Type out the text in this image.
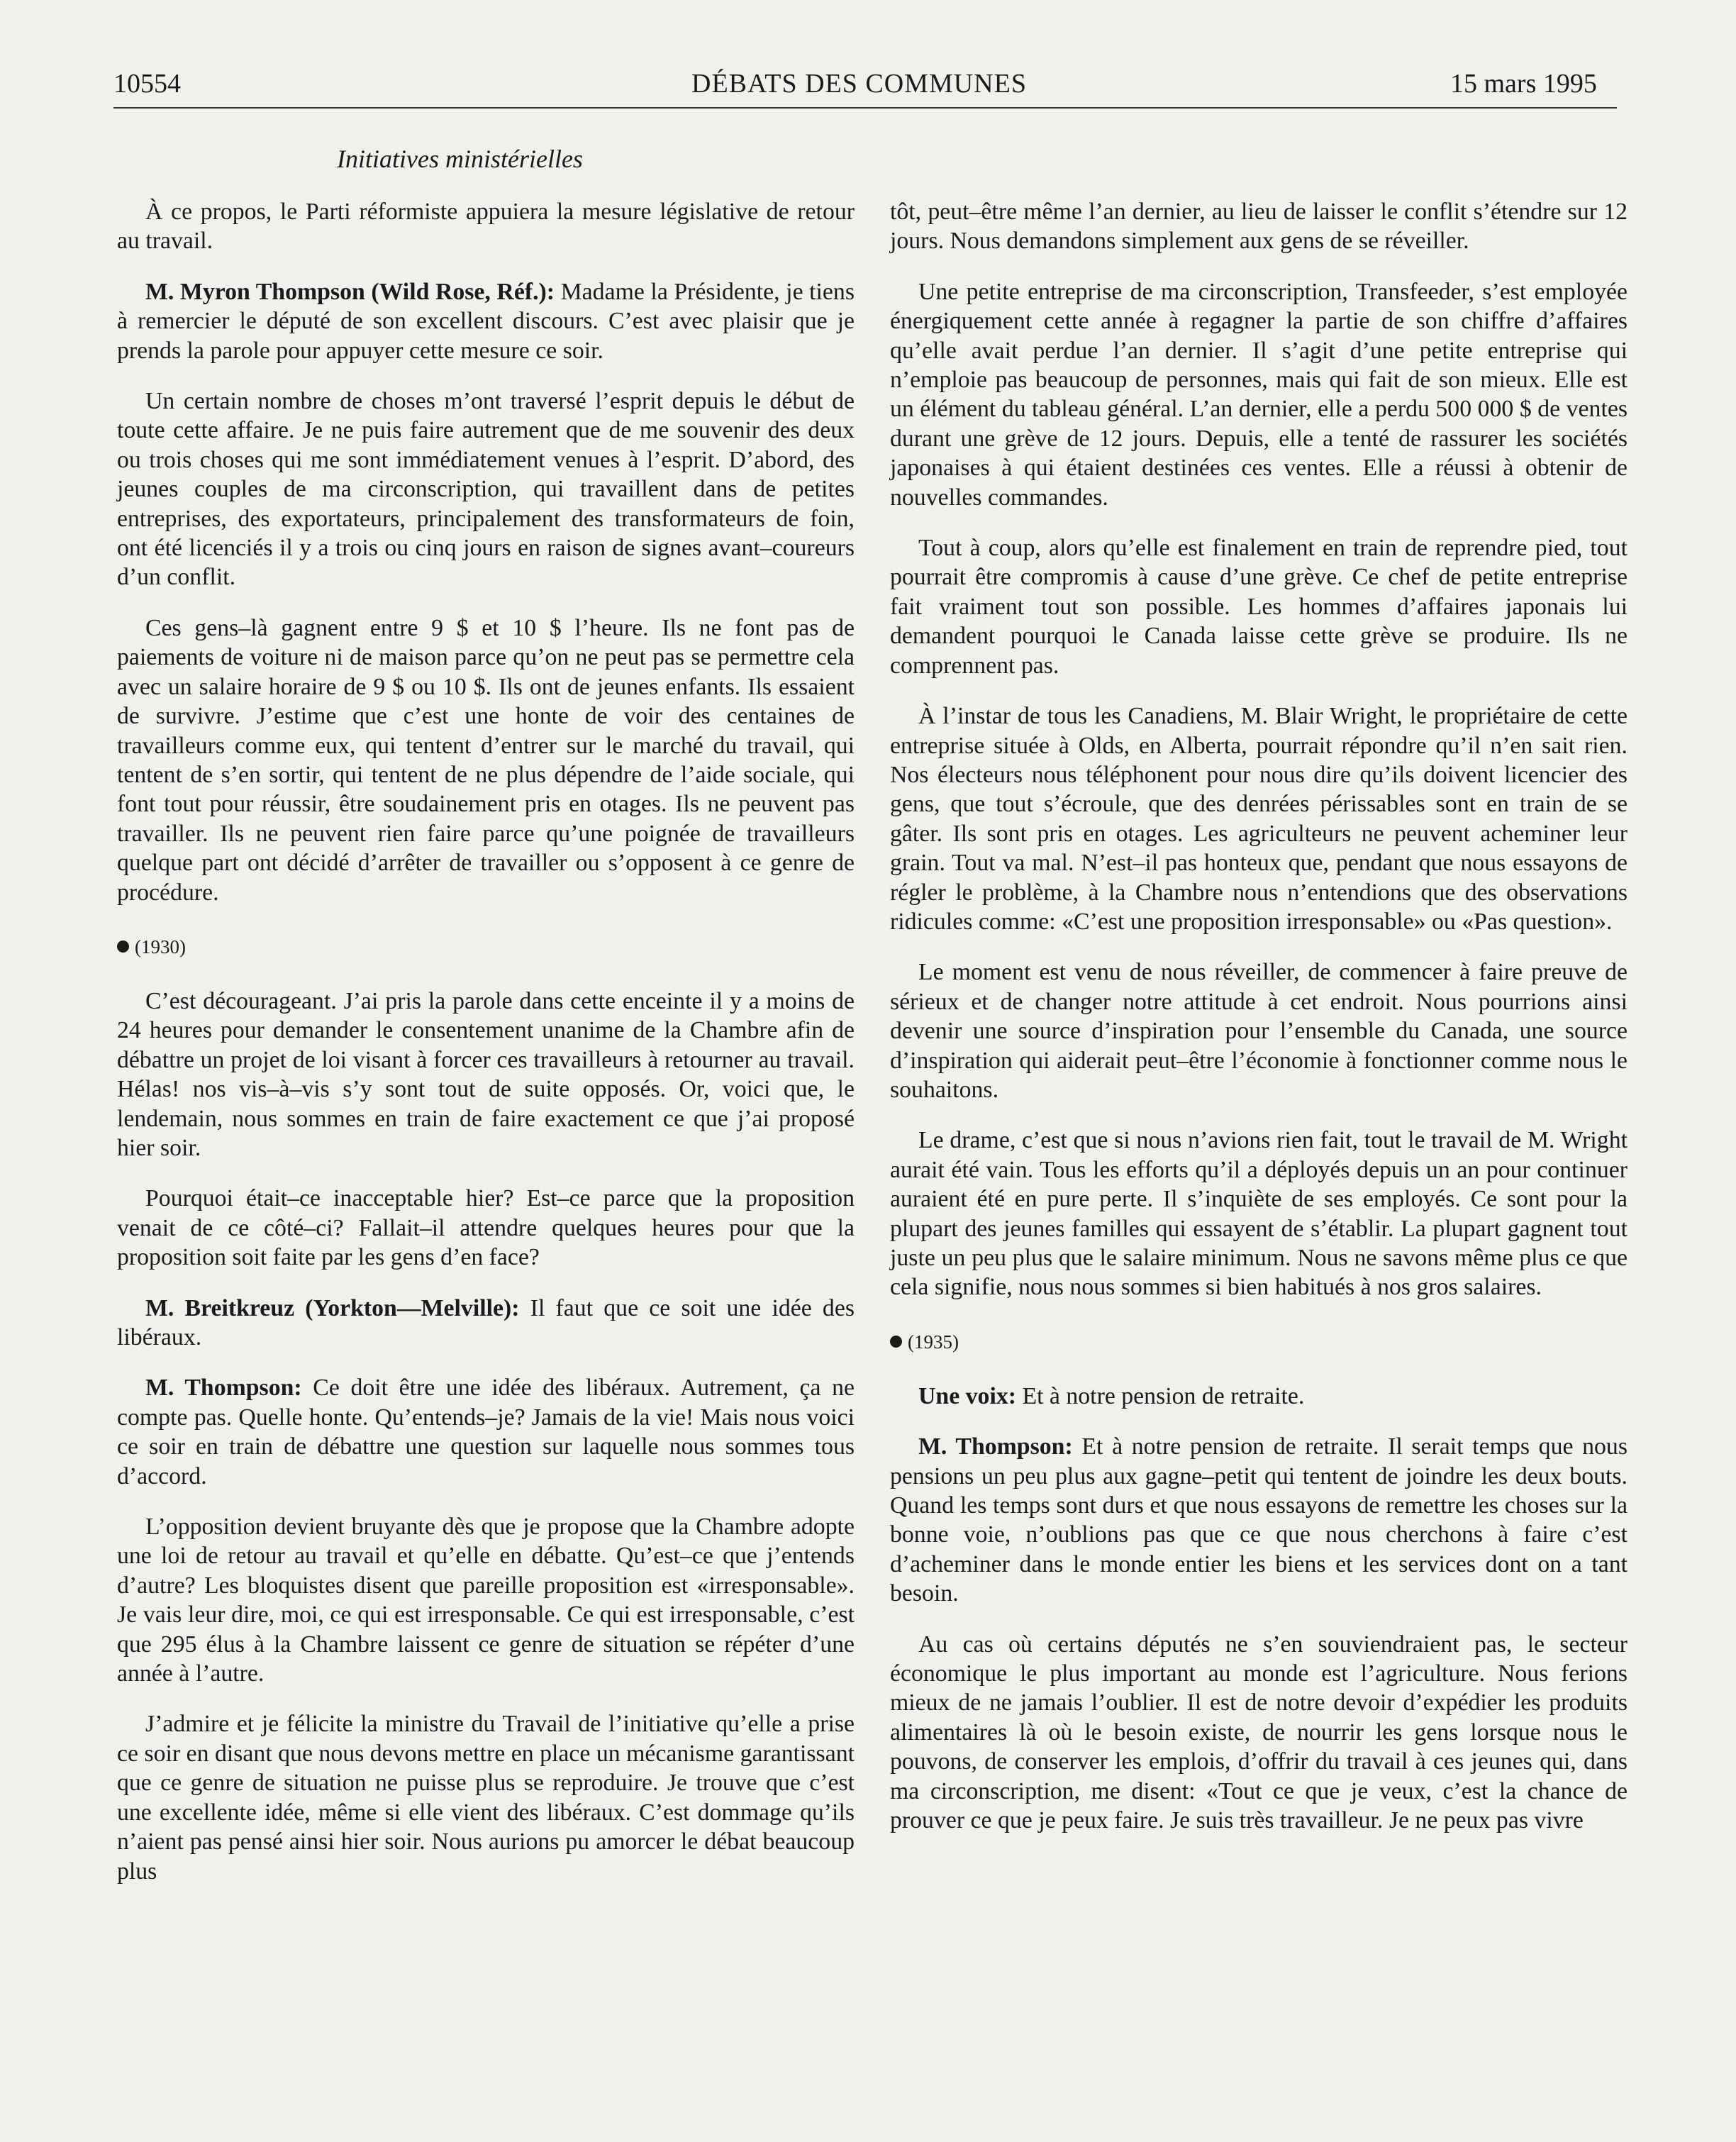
10554	DÉBATS DES COMMUNES	15 mars 1995
Initiatives ministérielles

À ce propos, le Parti réformiste appuiera la mesure législative de retour au travail.

M. Myron Thompson (Wild Rose, Réf.): Madame la Présidente, je tiens à remercier le député de son excellent discours. C’est avec plaisir que je prends la parole pour appuyer cette mesure ce soir.

Un certain nombre de choses m’ont traversé l’esprit depuis le début de toute cette affaire. Je ne puis faire autrement que de me souvenir des deux ou trois choses qui me sont immédiatement venues à l’esprit. D’abord, des jeunes couples de ma circonscription, qui travaillent dans de petites entreprises, des exportateurs, principalement des transformateurs de foin, ont été licenciés il y a trois ou cinq jours en raison de signes avant–coureurs d’un conflit.

Ces gens–là gagnent entre 9 $ et 10 $ l’heure. Ils ne font pas de paiements de voiture ni de maison parce qu’on ne peut pas se permettre cela avec un salaire horaire de 9 $ ou 10 $. Ils ont de jeunes enfants. Ils essaient de survivre. J’estime que c’est une honte de voir des centaines de travailleurs comme eux, qui tentent d’entrer sur le marché du travail, qui tentent de s’en sortir, qui tentent de ne plus dépendre de l’aide sociale, qui font tout pour réussir, être soudainement pris en otages. Ils ne peuvent pas travailler. Ils ne peuvent rien faire parce qu’une poignée de travailleurs quelque part ont décidé d’arrêter de travailler ou s’opposent à ce genre de procédure.

(1930)

C’est décourageant. J’ai pris la parole dans cette enceinte il y a moins de 24 heures pour demander le consentement unanime de la Chambre afin de débattre un projet de loi visant à forcer ces travailleurs à retourner au travail. Hélas! nos vis–à–vis s’y sont tout de suite opposés. Or, voici que, le lendemain, nous sommes en train de faire exactement ce que j’ai proposé hier soir.

Pourquoi était–ce inacceptable hier? Est–ce parce que la proposition venait de ce côté–ci? Fallait–il attendre quelques heures pour que la proposition soit faite par les gens d’en face?

M. Breitkreuz (Yorkton—Melville): Il faut que ce soit une idée des libéraux.

M. Thompson: Ce doit être une idée des libéraux. Autrement, ça ne compte pas. Quelle honte. Qu’entends–je? Jamais de la vie! Mais nous voici ce soir en train de débattre une question sur laquelle nous sommes tous d’accord.

L’opposition devient bruyante dès que je propose que la Chambre adopte une loi de retour au travail et qu’elle en débatte. Qu’est–ce que j’entends d’autre? Les bloquistes disent que pareille proposition est «irresponsable». Je vais leur dire, moi, ce qui est irresponsable. Ce qui est irresponsable, c’est que 295 élus à la Chambre laissent ce genre de situation se répéter d’une année à l’autre.

J’admire et je félicite la ministre du Travail de l’initiative qu’elle a prise ce soir en disant que nous devons mettre en place un mécanisme garantissant que ce genre de situation ne puisse plus se reproduire. Je trouve que c’est une excellente idée, même si elle vient des libéraux. C’est dommage qu’ils n’aient pas pensé ainsi hier soir. Nous aurions pu amorcer le débat beaucoup plus

tôt, peut–être même l’an dernier, au lieu de laisser le conflit s’étendre sur 12 jours. Nous demandons simplement aux gens de se réveiller.

Une petite entreprise de ma circonscription, Transfeeder, s’est employée énergiquement cette année à regagner la partie de son chiffre d’affaires qu’elle avait perdue l’an dernier. Il s’agit d’une petite entreprise qui n’emploie pas beaucoup de personnes, mais qui fait de son mieux. Elle est un élément du tableau général. L’an dernier, elle a perdu 500 000 $ de ventes durant une grève de 12 jours. Depuis, elle a tenté de rassurer les sociétés japonaises à qui étaient destinées ces ventes. Elle a réussi à obtenir de nouvelles commandes.

Tout à coup, alors qu’elle est finalement en train de reprendre pied, tout pourrait être compromis à cause d’une grève. Ce chef de petite entreprise fait vraiment tout son possible. Les hommes d’affaires japonais lui demandent pourquoi le Canada laisse cette grève se produire. Ils ne comprennent pas.

À l’instar de tous les Canadiens, M. Blair Wright, le propriétaire de cette entreprise située à Olds, en Alberta, pourrait répondre qu’il n’en sait rien. Nos électeurs nous téléphonent pour nous dire qu’ils doivent licencier des gens, que tout s’écroule, que des denrées périssables sont en train de se gâter. Ils sont pris en otages. Les agriculteurs ne peuvent acheminer leur grain. Tout va mal. N’est–il pas honteux que, pendant que nous essayons de régler le problème, à la Chambre nous n’entendions que des observations ridicules comme: «C’est une proposition irresponsable» ou «Pas question».

Le moment est venu de nous réveiller, de commencer à faire preuve de sérieux et de changer notre attitude à cet endroit. Nous pourrions ainsi devenir une source d’inspiration pour l’ensemble du Canada, une source d’inspiration qui aiderait peut–être l’économie à fonctionner comme nous le souhaitons.

Le drame, c’est que si nous n’avions rien fait, tout le travail de M. Wright aurait été vain. Tous les efforts qu’il a déployés depuis un an pour continuer auraient été en pure perte. Il s’inquiète de ses employés. Ce sont pour la plupart des jeunes familles qui essayent de s’établir. La plupart gagnent tout juste un peu plus que le salaire minimum. Nous ne savons même plus ce que cela signifie, nous nous sommes si bien habitués à nos gros salaires.

(1935)

Une voix: Et à notre pension de retraite.

M. Thompson: Et à notre pension de retraite. Il serait temps que nous pensions un peu plus aux gagne–petit qui tentent de joindre les deux bouts. Quand les temps sont durs et que nous essayons de remettre les choses sur la bonne voie, n’oublions pas que ce que nous cherchons à faire c’est d’acheminer dans le monde entier les biens et les services dont on a tant besoin.

Au cas où certains députés ne s’en souviendraient pas, le secteur économique le plus important au monde est l’agriculture. Nous ferions mieux de ne jamais l’oublier. Il est de notre devoir d’expédier les produits alimentaires là où le besoin existe, de nourrir les gens lorsque nous le pouvons, de conserver les emplois, d’offrir du travail à ces jeunes qui, dans ma circonscription, me disent: «Tout ce que je veux, c’est la chance de prouver ce que je peux faire. Je suis très travailleur. Je ne peux pas vivre
